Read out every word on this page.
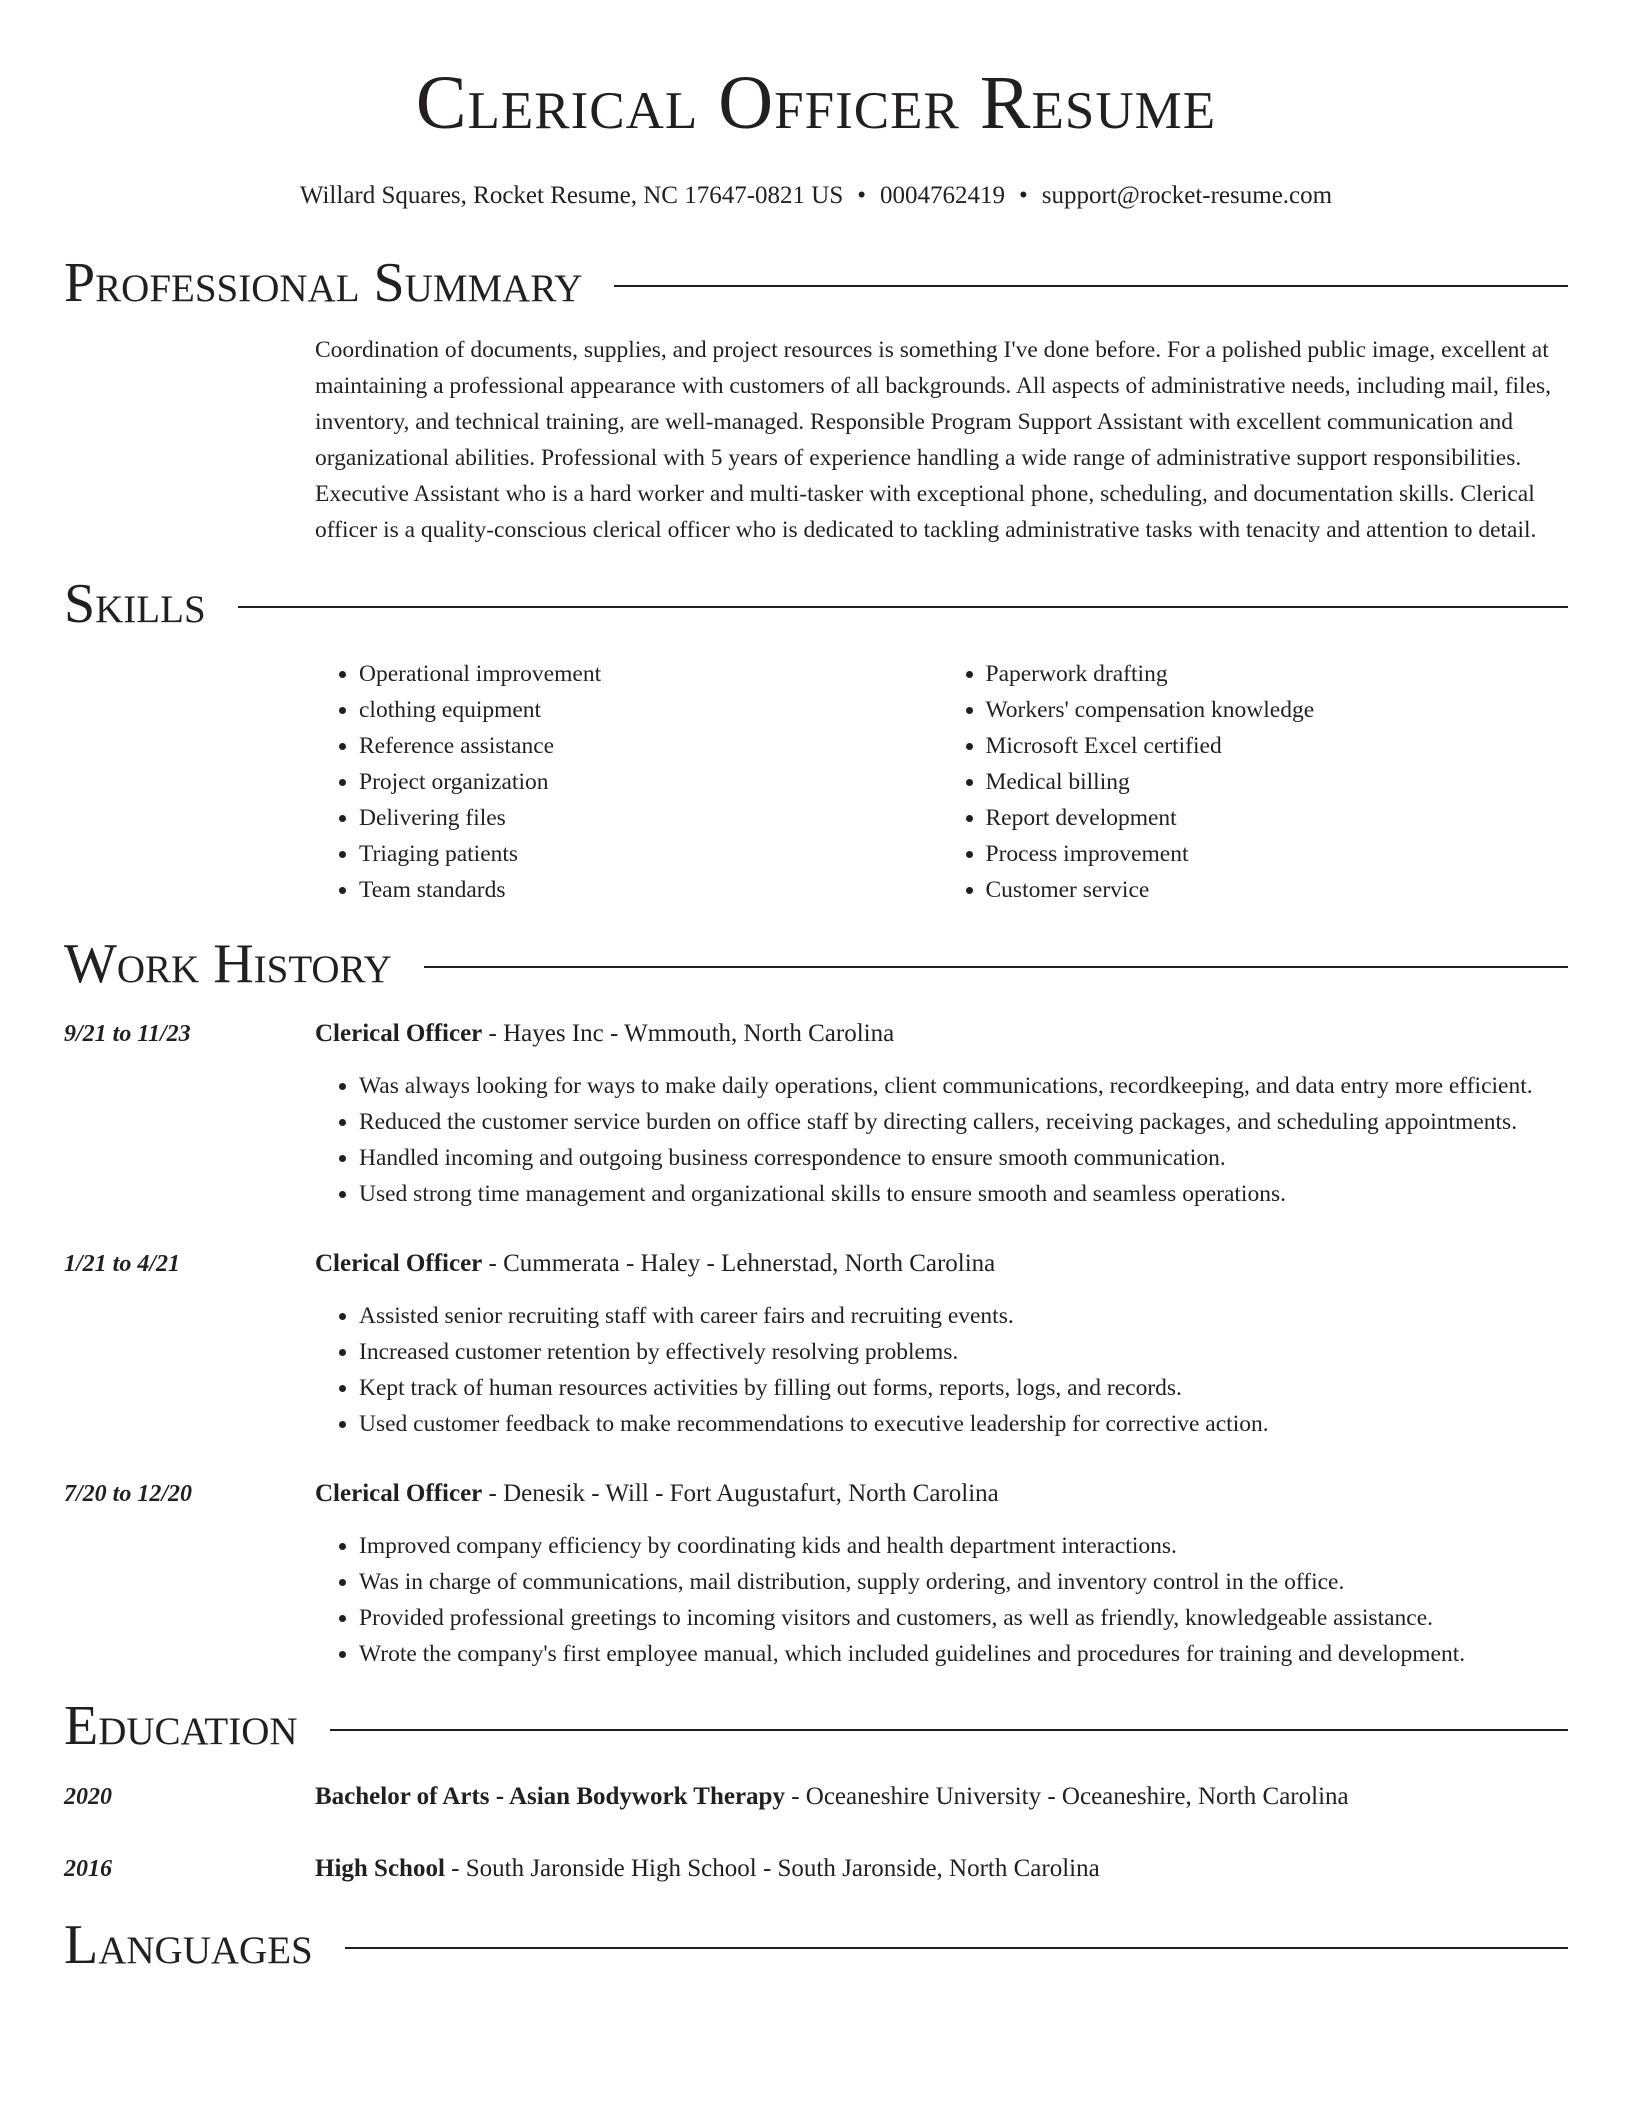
Clerical Officer Resume
Willard Squares, Rocket Resume, NC 17647-0821 US • 0004762419 • support@rocket-resume.com
Professional Summary

Coordination of documents, supplies, and project resources is something I've done before. For a polished public image, excellent at maintaining a professional appearance with customers of all backgrounds. All aspects of administrative needs, including mail, files, inventory, and technical training, are well-managed. Responsible Program Support Assistant with excellent communication and organizational abilities. Professional with 5 years of experience handling a wide range of administrative support responsibilities. Executive Assistant who is a hard worker and multi-tasker with exceptional phone, scheduling, and documentation skills. Clerical officer is a quality-conscious clerical officer who is dedicated to tackling administrative tasks with tenacity and attention to detail.

Skills
• Operational improvement
• clothing equipment
• Reference assistance
• Project organization
• Delivering files
• Triaging patients
• Team standards
• Paperwork drafting
• Workers' compensation knowledge
• Microsoft Excel certified
• Medical billing
• Report development
• Process improvement
• Customer service
Work History
9/21 to 11/23	Clerical Officer - Hayes Inc - Wmmouth, North Carolina
• Was always looking for ways to make daily operations, client communications, recordkeeping, and data entry more efficient.
• Reduced the customer service burden on office staff by directing callers, receiving packages, and scheduling appointments.
• Handled incoming and outgoing business correspondence to ensure smooth communication.
• Used strong time management and organizational skills to ensure smooth and seamless operations.
1/21 to 4/21	Clerical Officer - Cummerata - Haley - Lehnerstad, North Carolina
• Assisted senior recruiting staff with career fairs and recruiting events.
• Increased customer retention by effectively resolving problems.
• Kept track of human resources activities by filling out forms, reports, logs, and records.
• Used customer feedback to make recommendations to executive leadership for corrective action.
7/20 to 12/20	Clerical Officer - Denesik - Will - Fort Augustafurt, North Carolina
• Improved company efficiency by coordinating kids and health department interactions.
• Was in charge of communications, mail distribution, supply ordering, and inventory control in the office.
• Provided professional greetings to incoming visitors and customers, as well as friendly, knowledgeable assistance.
• Wrote the company's first employee manual, which included guidelines and procedures for training and development.
Education
2020	Bachelor of Arts - Asian Bodywork Therapy - Oceaneshire University - Oceaneshire, North Carolina
2016	High School - South Jaronside High School - South Jaronside, North Carolina
Languages
